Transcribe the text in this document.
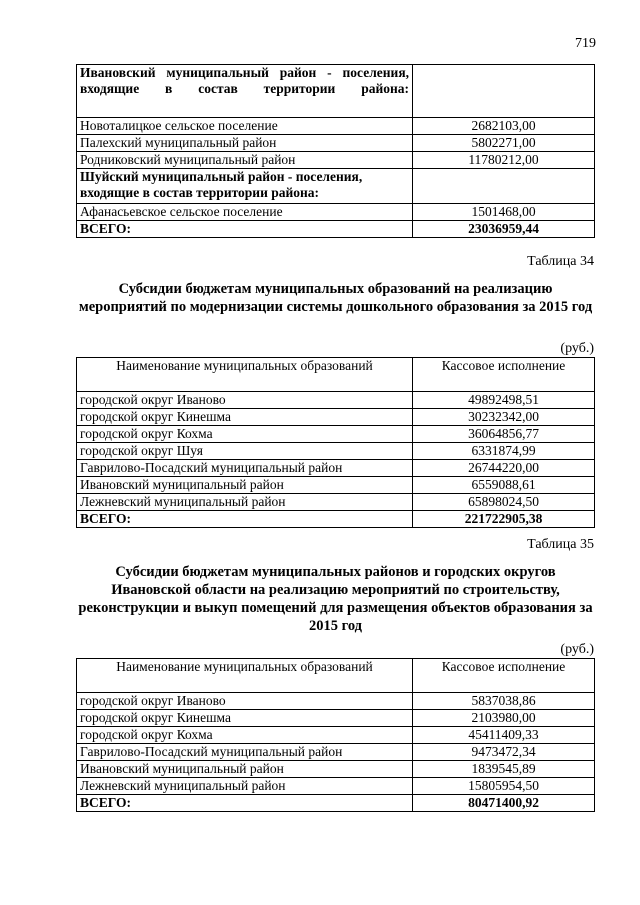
719
Ивановский муниципальный район - поселения, входящие в состав территории района:	
Новоталицкое сельское поселение	2682103,00
Палехский муниципальный район	5802271,00
Родниковский муниципальный район	11780212,00
Шуйский муниципальный район - поселения, входящие в состав территории района:	
Афанасьевское сельское поселение	1501468,00
ВСЕГО:	23036959,44
Таблица 34
Субсидии бюджетам муниципальных образований на реализацию мероприятий по модернизации системы дошкольного образования за 2015 год
(руб.)
Наименование муниципальных образований	Кассовое исполнение
городской округ Иваново	49892498,51
городской округ Кинешма	30232342,00
городской округ Кохма	36064856,77
городской округ Шуя	6331874,99
Гаврилово-Посадский муниципальный район	26744220,00
Ивановский муниципальный район	6559088,61
Лежневский муниципальный район	65898024,50
ВСЕГО:	221722905,38
Таблица 35
Субсидии бюджетам муниципальных районов и городских округов Ивановской области на реализацию мероприятий по строительству, реконструкции и выкуп помещений для размещения объектов образования за 2015 год
(руб.)
Наименование муниципальных образований	Кассовое исполнение
городской округ Иваново	5837038,86
городской округ Кинешма	2103980,00
городской округ Кохма	45411409,33
Гаврилово-Посадский муниципальный район	9473472,34
Ивановский муниципальный район	1839545,89
Лежневский муниципальный район	15805954,50
ВСЕГО:	80471400,92
